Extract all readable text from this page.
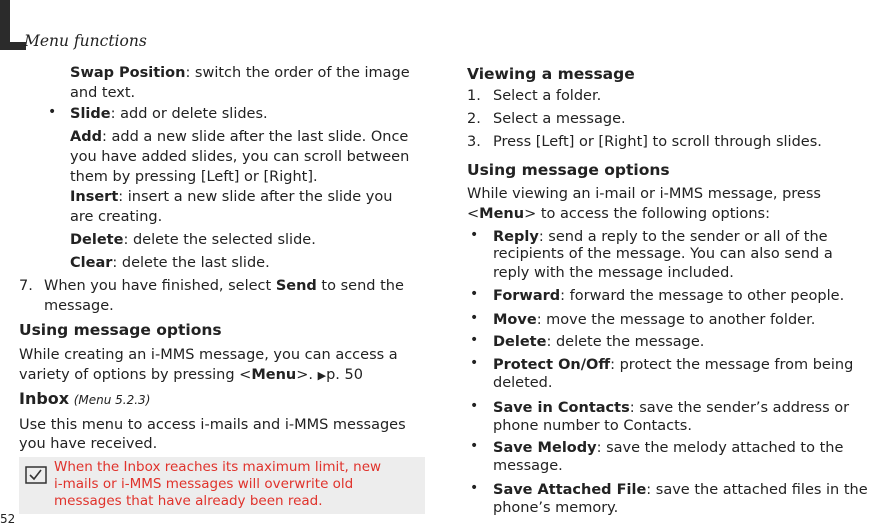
Menu functions
52
Swap Position: switch the order of the image
and text.
• Slide: add or delete slides.
Add: add a new slide after the last slide. Once
you have added slides, you can scroll between
them by pressing [Left] or [Right].
Insert: insert a new slide after the slide you
are creating.
Delete: delete the selected slide.
Clear: delete the last slide.
7. When you have finished, select Send to send the
message.
Using message options
While creating an i-MMS message, you can access a
variety of options by pressing <Menu>. ▶p. 50
Inbox (Menu 5.2.3)
Use this menu to access i-mails and i-MMS messages
you have received.
When the Inbox reaches its maximum limit, new
i-mails or i-MMS messages will overwrite old
messages that have already been read.
Viewing a message
1. Select a folder.
2. Select a message.
3. Press [Left] or [Right] to scroll through slides.
Using message options
While viewing an i-mail or i-MMS message, press
<Menu> to access the following options:
• Reply: send a reply to the sender or all of the
recipients of the message. You can also send a
reply with the message included.
• Forward: forward the message to other people.
• Move: move the message to another folder.
• Delete: delete the message.
• Protect On/Off: protect the message from being
deleted.
• Save in Contacts: save the sender’s address or
phone number to Contacts.
• Save Melody: save the melody attached to the
message.
• Save Attached File: save the attached files in the
phone’s memory.
